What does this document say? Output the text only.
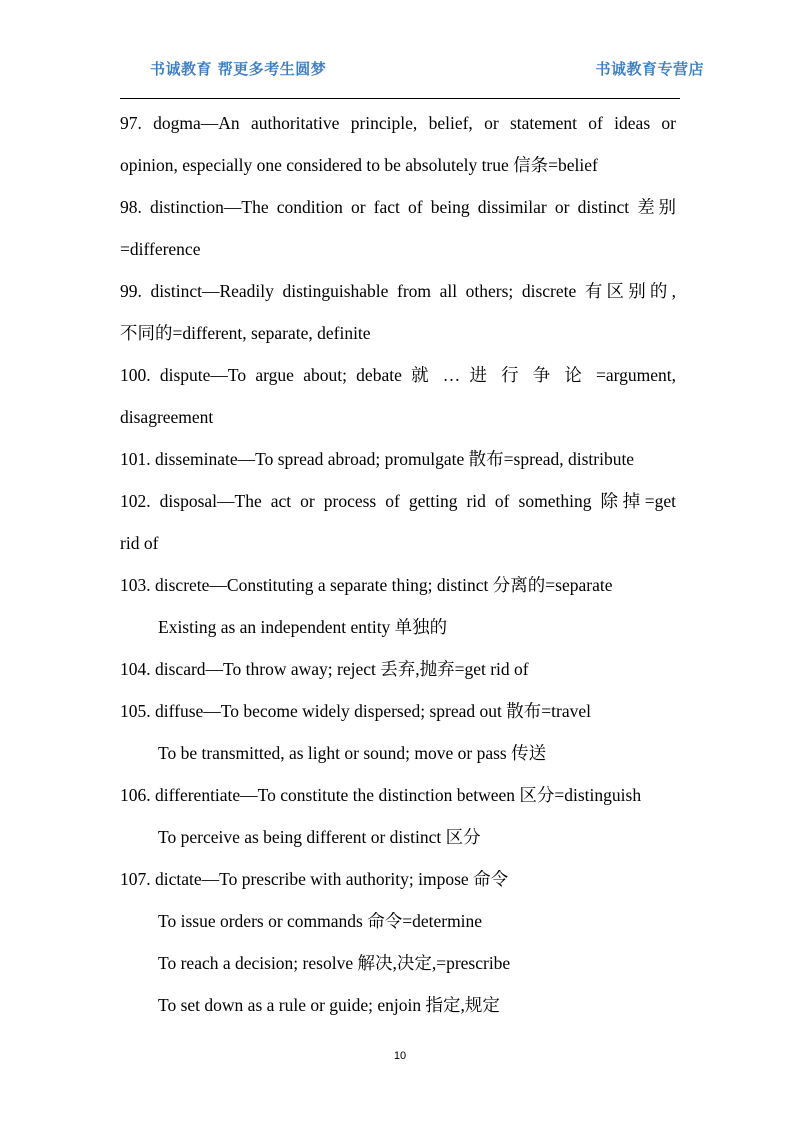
书诚教育 帮更多考生圆梦	书诚教育专营店
97. dogma—An authoritative principle, belief, or statement of ideas or
opinion, especially one considered to be absolutely true 信条=belief
98. distinction—The condition or fact of being dissimilar or distinct 差别
=difference
99. distinct—Readily distinguishable from all others; discrete 有区别的,
不同的=different, separate, definite
100. dispute—To argue about; debate 就 … 进 行 争 论 =argument,
disagreement
101. disseminate—To spread abroad; promulgate 散布=spread, distribute
102. disposal—The act or process of getting rid of something 除掉=get
rid of
103. discrete—Constituting a separate thing; distinct 分离的=separate
Existing as an independent entity 单独的
104. discard—To throw away; reject 丢弃,抛弃=get rid of
105. diffuse—To become widely dispersed; spread out 散布=travel
To be transmitted, as light or sound; move or pass 传送
106. differentiate—To constitute the distinction between 区分=distinguish
To perceive as being different or distinct 区分
107. dictate—To prescribe with authority; impose 命令
To issue orders or commands 命令=determine
To reach a decision; resolve 解决,决定,=prescribe
To set down as a rule or guide; enjoin 指定,规定
10
